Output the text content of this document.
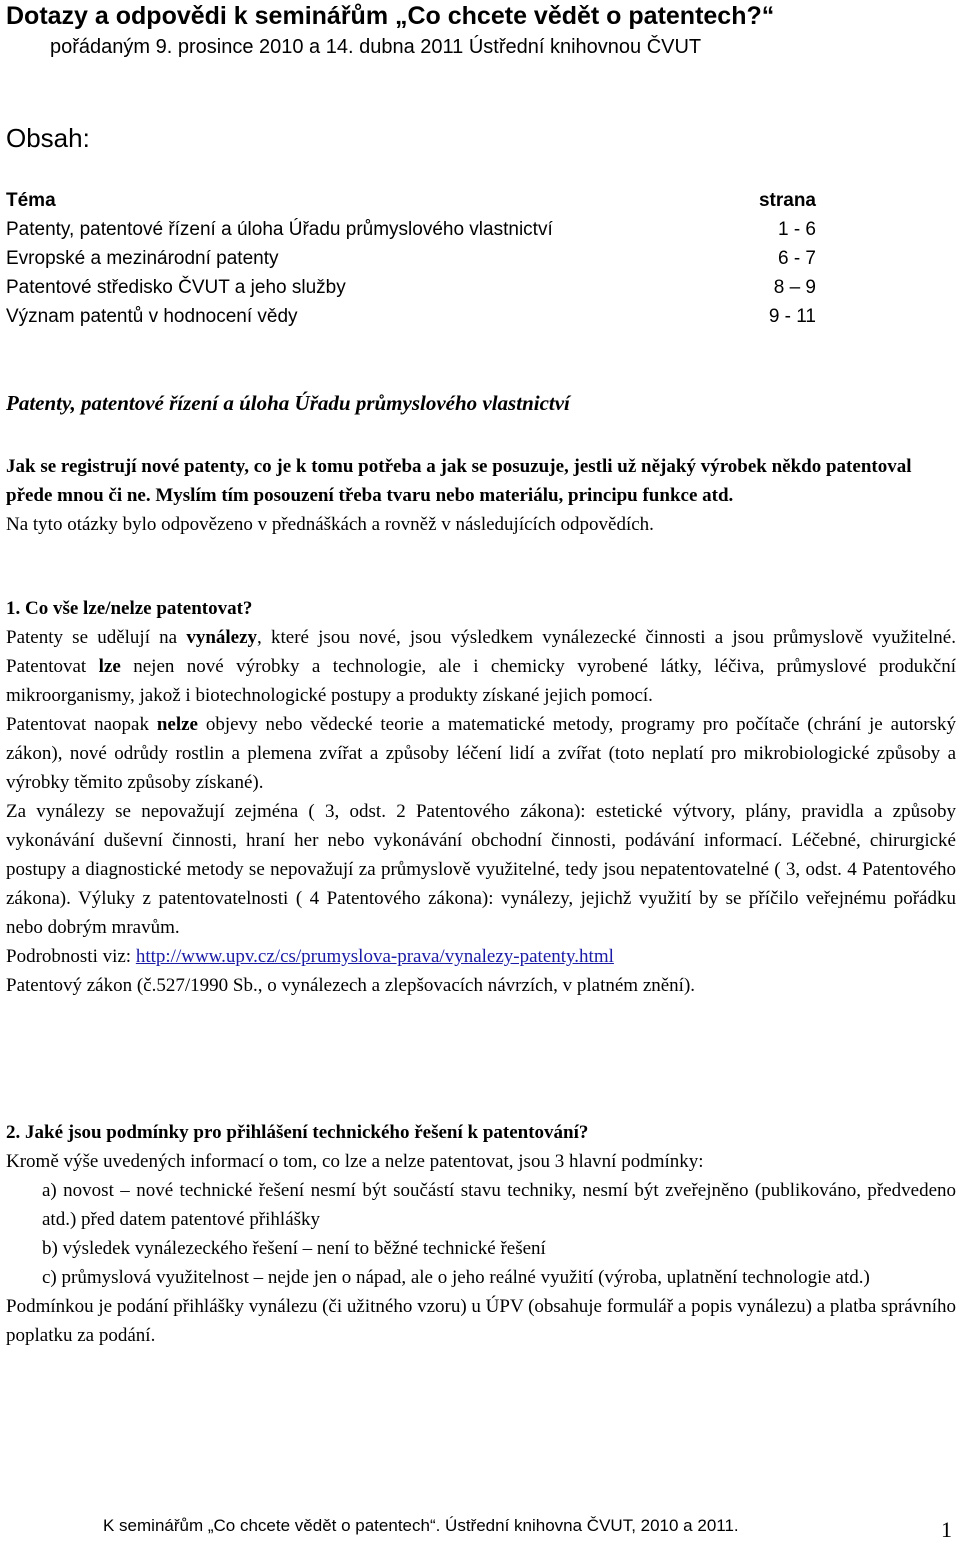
Dotazy a odpovědi k seminářům „Co chcete vědět o patentech?“
pořádaným 9. prosince 2010 a 14. dubna 2011 Ústřední knihovnou ČVUT
Obsah:
Téma	strana
Patenty, patentové řízení a úloha Úřadu průmyslového vlastnictví	1 - 6
Evropské a mezinárodní patenty	6 - 7
Patentové středisko ČVUT a jeho služby	8 – 9
Význam patentů v hodnocení vědy	9 - 11
Patenty, patentové řízení a úloha Úřadu průmyslového vlastnictví
Jak se registrují nové patenty, co je k tomu potřeba a jak se posuzuje, jestli už nějaký výrobek někdo patentoval přede mnou či ne. Myslím tím posouzení třeba tvaru nebo materiálu, principu funkce atd.
Na tyto otázky bylo odpovězeno v přednáškách a rovněž v následujících odpovědích.
1. Co vše lze/nelze patentovat?
Patenty se udělují na vynálezy, které jsou nové, jsou výsledkem vynálezecké činnosti a jsou průmyslově využitelné. Patentovat lze nejen nové výrobky a technologie, ale i chemicky vyrobené látky, léčiva, průmyslové produkční mikroorganismy, jakož i biotechnologické postupy a produkty získané jejich pomocí.
Patentovat naopak nelze objevy nebo vědecké teorie a matematické metody, programy pro počítače (chrání je autorský zákon), nové odrůdy rostlin a plemena zvířat a způsoby léčení lidí a zvířat (toto neplatí pro mikrobiologické způsoby a výrobky těmito způsoby získané).
Za vynálezy se nepovažují zejména ( 3, odst. 2 Patentového zákona): estetické výtvory, plány, pravidla a způsoby vykonávání duševní činnosti, hraní her nebo vykonávání obchodní činnosti, podávání informací. Léčebné, chirurgické postupy a diagnostické metody se nepovažují za průmyslově využitelné, tedy jsou nepatentovatelné ( 3, odst. 4 Patentového zákona). Výluky z patentovatelnosti ( 4 Patentového zákona): vynálezy, jejichž využití by se příčilo veřejnému pořádku nebo dobrým mravům.
Podrobnosti viz: http://www.upv.cz/cs/prumyslova-prava/vynalezy-patenty.html
Patentový zákon (č.527/1990 Sb., o vynálezech a zlepšovacích návrzích, v platném znění).
2. Jaké jsou podmínky pro přihlášení technického řešení k patentování?
Kromě výše uvedených informací o tom, co lze a nelze patentovat, jsou 3 hlavní podmínky:
a) novost – nové technické řešení nesmí být součástí stavu techniky, nesmí být zveřejněno (publikováno, předvedeno atd.) před datem patentové přihlášky
b) výsledek vynálezeckého řešení – není to běžné technické řešení
c) průmyslová využitelnost – nejde jen o nápad, ale o jeho reálné využití (výroba, uplatnění technologie atd.)
Podmínkou je podání přihlášky vynálezu (či užitného vzoru) u ÚPV (obsahuje formulář a popis vynálezu) a platba správního poplatku za podání.
K seminářům „Co chcete vědět o patentech“. Ústřední knihovna ČVUT, 2010 a 2011.	1
